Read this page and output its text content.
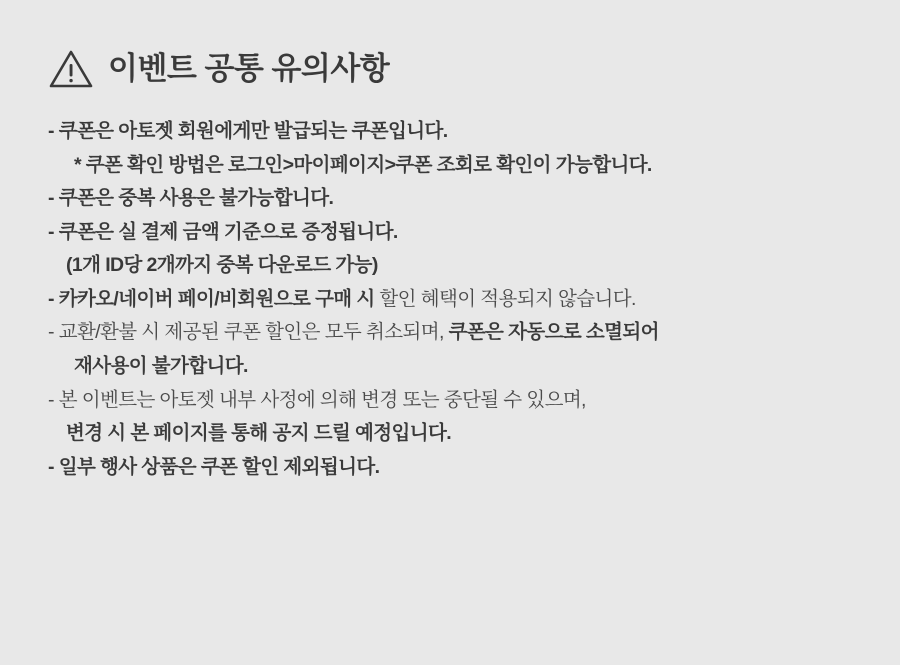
이벤트 공통 유의사항
- 쿠폰은 아토젯 회원에게만 발급되는 쿠폰입니다.
* 쿠폰 확인 방법은 로그인>마이페이지>쿠폰 조회로 확인이 가능합니다.
- 쿠폰은 중복 사용은 불가능합니다.
- 쿠폰은 실 결제 금액 기준으로 증정됩니다.
(1개 ID당 2개까지 중복 다운로드 가능)
- 카카오/네이버 페이/비회원으로 구매 시 할인 혜택이 적용되지 않습니다.
- 교환/환불 시 제공된 쿠폰 할인은 모두 취소되며, 쿠폰은 자동으로 소멸되어
재사용이 불가합니다.
- 본 이벤트는 아토젯 내부 사정에 의해 변경 또는 중단될 수 있으며,
변경 시 본 페이지를 통해 공지 드릴 예정입니다.
- 일부 행사 상품은 쿠폰 할인 제외됩니다.
